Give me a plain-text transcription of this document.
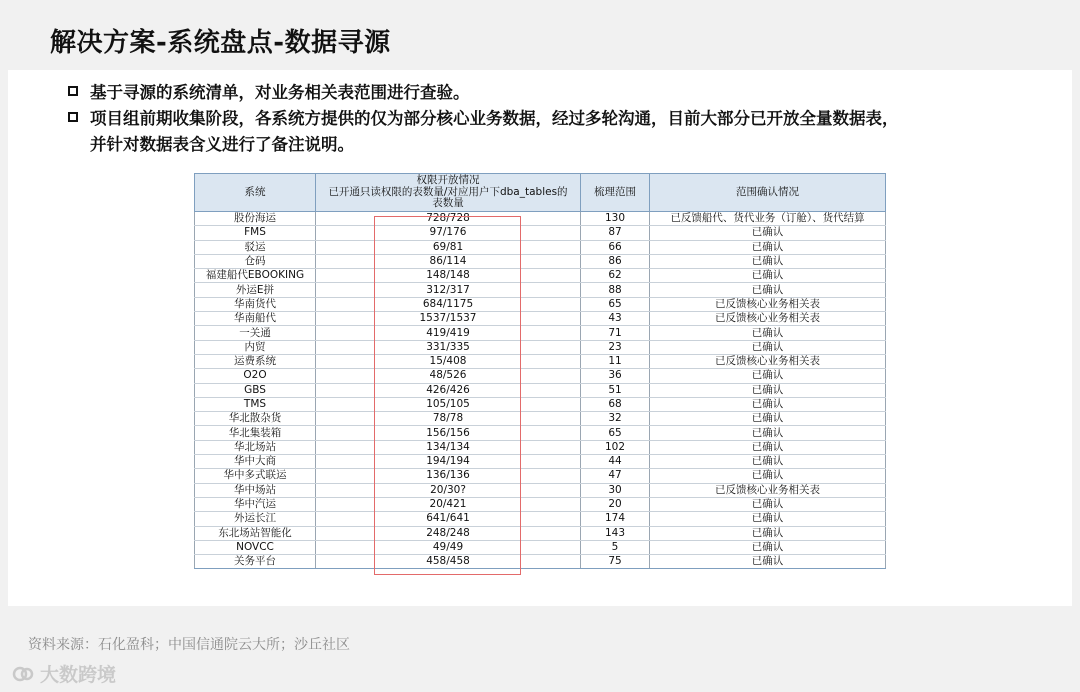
解决方案-系统盘点-数据寻源
基于寻源的系统清单，对业务相关表范围进行查验。
项目组前期收集阶段，各系统方提供的仅为部分核心业务数据，经过多轮沟通，目前大部分已开放全量数据表，
并针对数据表含义进行了备注说明。
系统	权限开放情况	梳理范围	范围确认情况
	已开通只读权限的表数量/对应用户下dba_tables的表数量		
股份海运	728/728	130	已反馈船代、货代业务（订舱）、货代结算
FMS	97/176	87	已确认
驳运	69/81	66	已确认
仓码	86/114	86	已确认
福建船代EBOOKING	148/148	62	已确认
外运E拼	312/317	88	已确认
华南货代	684/1175	65	已反馈核心业务相关表
华南船代	1537/1537	43	已反馈核心业务相关表
一关通	419/419	71	已确认
内贸	331/335	23	已确认
运费系统	15/408	11	已反馈核心业务相关表
O2O	48/526	36	已确认
GBS	426/426	51	已确认
TMS	105/105	68	已确认
华北散杂货	78/78	32	已确认
华北集装箱	156/156	65	已确认
华北场站	134/134	102	已确认
华中大商	194/194	44	已确认
华中多式联运	136/136	47	已确认
华中场站	20/30?	30	已反馈核心业务相关表
华中汽运	20/421	20	已确认
外运长江	641/641	174	已确认
东北场站智能化	248/248	143	已确认
NOVCC	49/49	5	已确认
关务平台	458/458	75	已确认
资料来源：石化盈科；中国信通院云大所；沙丘社区
大数跨境
